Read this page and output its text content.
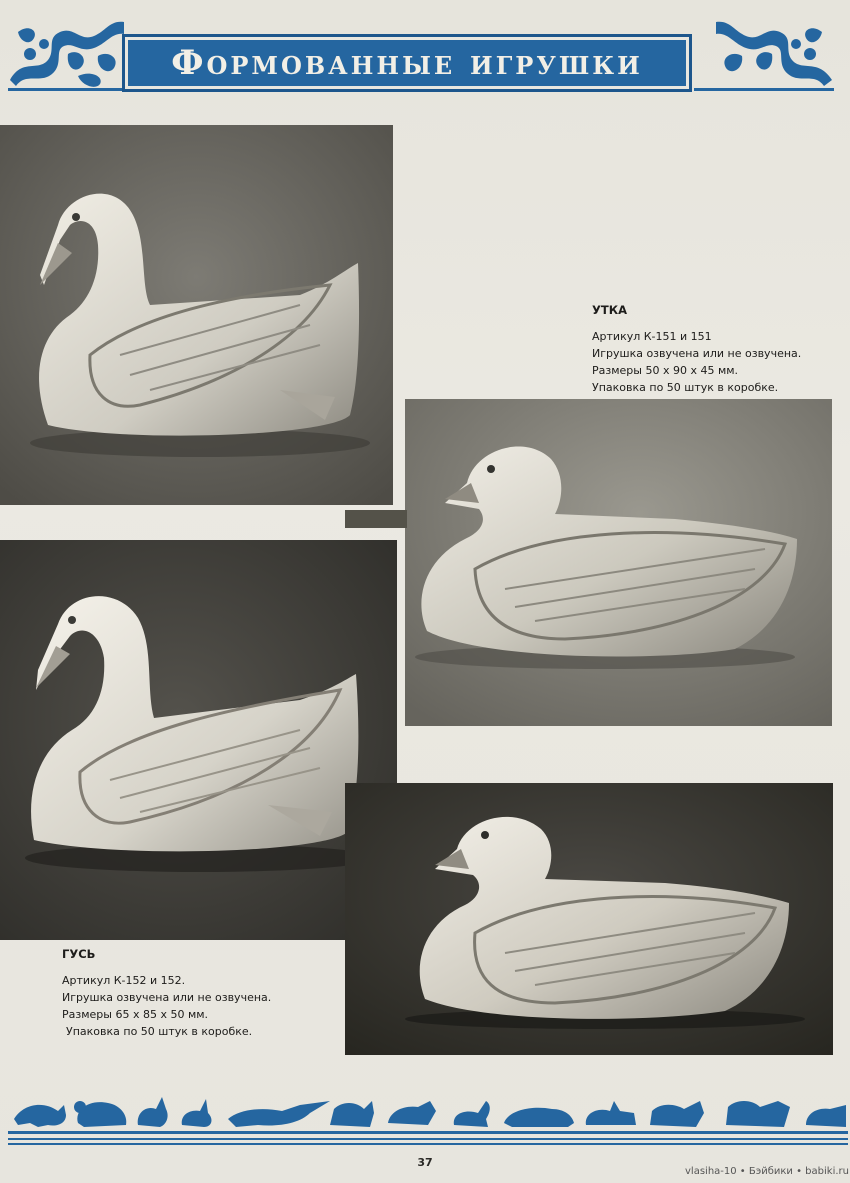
Формованные игрушки
УТКА
Артикул К-151 и 151
Игрушка озвучена или не озвучена.
Размеры 50 х 90 х 45 мм.
Упаковка по 50 штук в коробке.
ГУСЬ
Артикул К-152 и 152.
Игрушка озвучена или не озвучена.
Размеры 65 х 85 х 50 мм.
Упаковка по 50 штук в коробке.
37
vlasiha-10 • Бэйбики • babiki.ru
